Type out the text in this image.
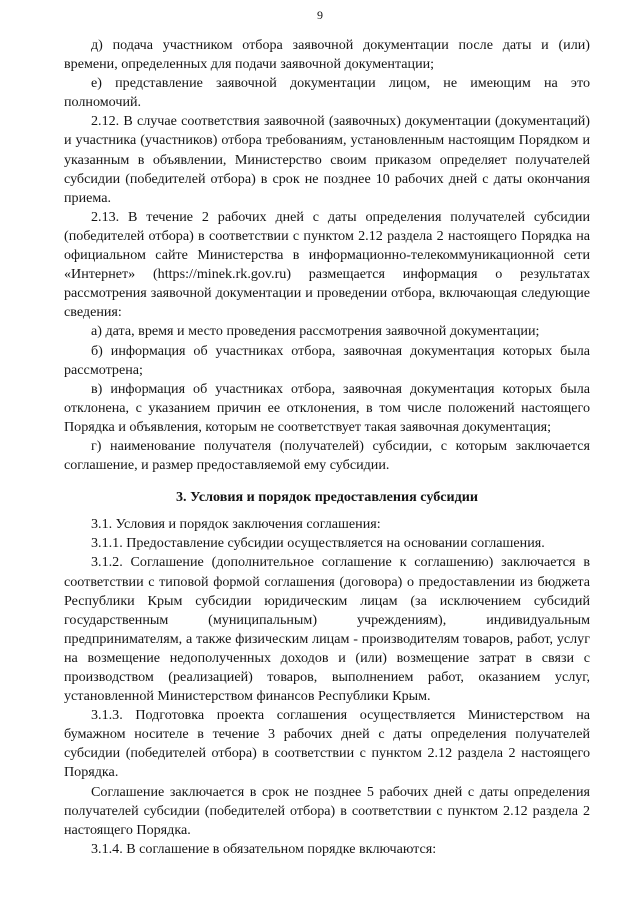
9

д) подача участником отбора заявочной документации после даты и (или) времени, определенных для подачи заявочной документации;

е) представление заявочной документации лицом, не имеющим на это полномочий.

2.12. В случае соответствия заявочной (заявочных) документации (документаций) и участника (участников) отбора требованиям, установленным настоящим Порядком и указанным в объявлении, Министерство своим приказом определяет получателей субсидии (победителей отбора) в срок не позднее 10 рабочих дней с даты окончания приема.

2.13. В течение 2 рабочих дней с даты определения получателей субсидии (победителей отбора) в соответствии с пунктом 2.12 раздела 2 настоящего Порядка на официальном сайте Министерства в информационно-телекоммуникационной сети «Интернет» (https://minek.rk.gov.ru) размещается информация о результатах рассмотрения заявочной документации и проведении отбора, включающая следующие сведения:

а) дата, время и место проведения рассмотрения заявочной документации;

б) информация об участниках отбора, заявочная документация которых была рассмотрена;

в) информация об участниках отбора, заявочная документация которых была отклонена, с указанием причин ее отклонения, в том числе положений настоящего Порядка и объявления, которым не соответствует такая заявочная документация;

г) наименование получателя (получателей) субсидии, с которым заключается соглашение, и размер предоставляемой ему субсидии.

3. Условия и порядок предоставления субсидии

3.1. Условия и порядок заключения соглашения:

3.1.1. Предоставление субсидии осуществляется на основании соглашения.

3.1.2. Соглашение (дополнительное соглашение к соглашению) заключается в соответствии с типовой формой соглашения (договора) о предоставлении из бюджета Республики Крым субсидии юридическим лицам (за исключением субсидий государственным (муниципальным) учреждениям), индивидуальным предпринимателям, а также физическим лицам - производителям товаров, работ, услуг на возмещение недополученных доходов и (или) возмещение затрат в связи с производством (реализацией) товаров, выполнением работ, оказанием услуг, установленной Министерством финансов Республики Крым.

3.1.3. Подготовка проекта соглашения осуществляется Министерством на бумажном носителе в течение 3 рабочих дней с даты определения получателей субсидии (победителей отбора) в соответствии с пунктом 2.12 раздела 2 настоящего Порядка.

Соглашение заключается в срок не позднее 5 рабочих дней с даты определения получателей субсидии (победителей отбора) в соответствии с пунктом 2.12 раздела 2 настоящего Порядка.

3.1.4. В соглашение в обязательном порядке включаются:
